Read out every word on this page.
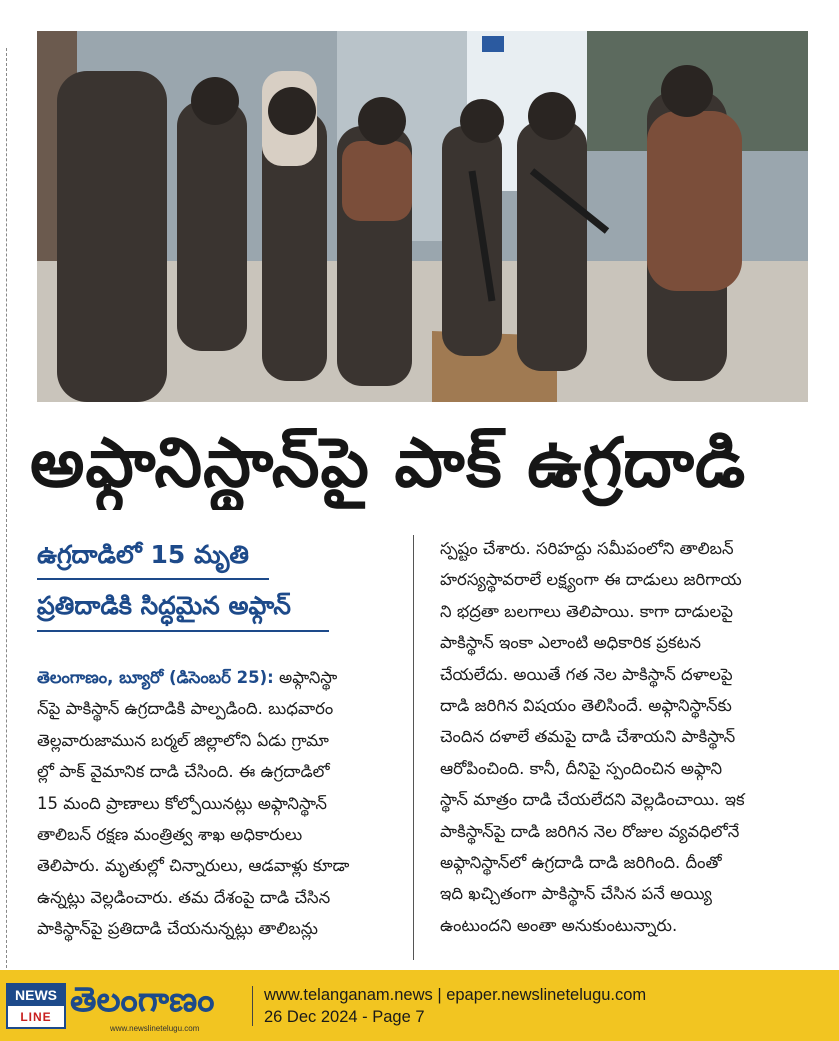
అఫ్గానిస్థాన్‌పై పాక్ ఉగ్రదాడి
ఉగ్రదాడిలో 15 మృతి
ప్రతిదాడికి సిద్ధమైన అఫ్గాన్
తెలంగాణం, బ్యూరో (డిసెంబర్ 25): అఫ్గానిస్థా
న్‌పై పాకిస్థాన్ ఉగ్రదాడికి పాల్పడింది. బుధవారం
తెల్లవారుజామున బర్మల్ జిల్లాలోని ఏడు గ్రామా
ల్లో పాక్ వైమానిక దాడి చేసింది. ఈ ఉగ్రదాడిలో
15 మంది ప్రాణాలు కోల్పోయినట్లు అఫ్గానిస్థాన్
తాలిబన్ రక్షణ మంత్రిత్వ శాఖ అధికారులు
తెలిపారు. మృతుల్లో చిన్నారులు, ఆడవాళ్లు కూడా
ఉన్నట్లు వెల్లడించారు. తమ దేశంపై దాడి చేసిన
పాకిస్థాన్‌పై ప్రతిదాడి చేయనున్నట్లు తాలిబన్లు
స్పష్టం చేశారు. సరిహద్దు సమీపంలోని తాలిబన్
హరస్యస్థావరాలే లక్ష్యంగా ఈ దాడులు జరిగాయ
ని భద్రతా బలగాలు తెలిపాయి. కాగా దాడులపై
పాకిస్థాన్ ఇంకా ఎలాంటి అధికారిక ప్రకటన
చేయలేదు. అయితే గత నెల పాకిస్థాన్ దళాలపై
దాడి జరిగిన విషయం తెలిసిందే. అఫ్గానిస్థాన్‌కు
చెందిన దళాలే తమపై దాడి చేశాయని పాకిస్థాన్
ఆరోపించింది. కానీ, దీనిపై స్పందించిన అఫ్గాని
స్థాన్ మాత్రం దాడి చేయలేదని వెల్లడించాయి. ఇక
పాకిస్థాన్‌పై దాడి జరిగిన నెల రోజుల వ్యవధిలోనే
అఫ్గానిస్థాన్‌లో ఉగ్రదాడి దాడి జరిగింది. దీంతో
ఇది ఖచ్చితంగా పాకిస్థాన్ చేసిన పనే అయ్యి
ఉంటుందని అంతా అనుకుంటున్నారు.
NEWS
LINE తెలంగాణం
www.newslinetelugu.com
www.telanganam.news | epaper.newslinetelugu.com
26 Dec 2024 - Page 7
